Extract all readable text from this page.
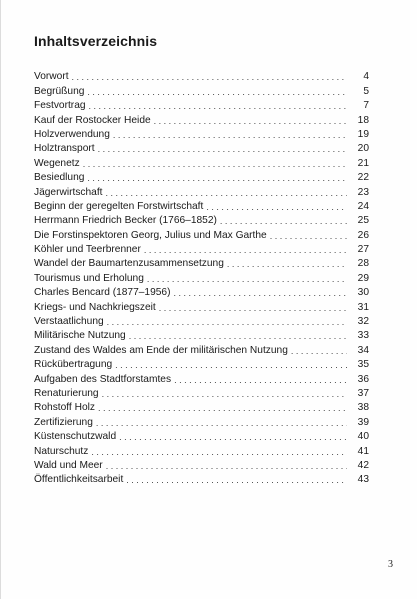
Inhaltsverzeichnis
Vorwort . . .	4
Begrüßung . . .	5
Festvortrag . . .	7
Kauf der Rostocker Heide . . .	18
Holzverwendung . . .	19
Holztransport . . .	20
Wegenetz . . .	21
Besiedlung . . .	22
Jägerwirtschaft . . .	23
Beginn der geregelten Forstwirtschaft . . .	24
Herrmann Friedrich Becker (1766–1852) . . .	25
Die Forstinspektoren Georg, Julius und Max Garthe . . .	26
Köhler und Teerbrenner . . .	27
Wandel der Baumartenzusammensetzung . . .	28
Tourismus und Erholung . . .	29
Charles Bencard (1877–1956) . . .	30
Kriegs- und Nachkriegszeit . . .	31
Verstaatlichung . . .	32
Militärische Nutzung . . .	33
Zustand des Waldes am Ende der militärischen Nutzung . . .	34
Rückübertragung . . .	35
Aufgaben des Stadtforstamtes . . .	36
Renaturierung . . .	37
Rohstoff Holz . . .	38
Zertifizierung . . .	39
Küstenschutzwald . . .	40
Naturschutz . . .	41
Wald und Meer . . .	42
Öffentlichkeitsarbeit . . .	43
3
